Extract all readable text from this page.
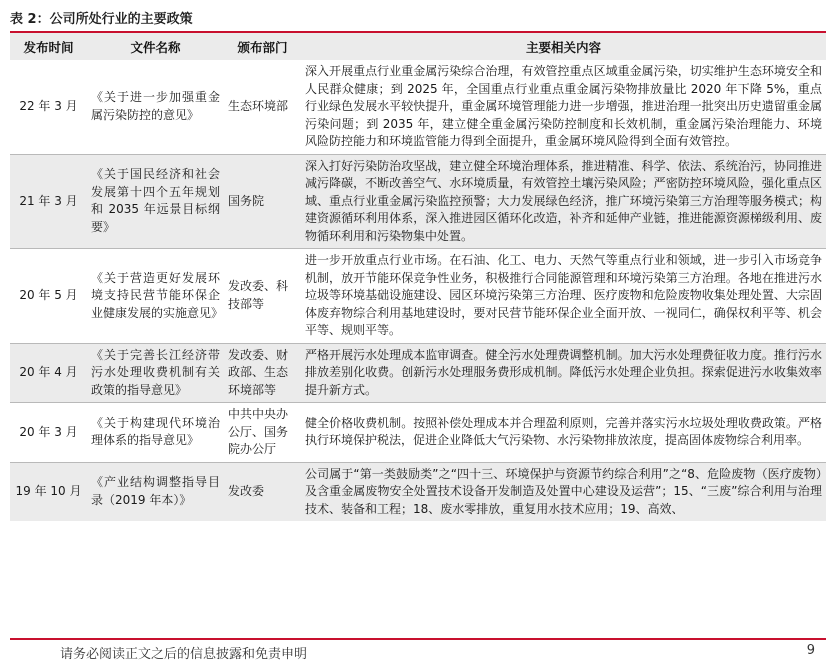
表 2：公司所处行业的主要政策
发布时间	文件名称	颁布部门	主要相关内容
22 年 3 月	《关于进一步加强重金属污染防控的意见》	生态环境部	深入开展重点行业重金属污染综合治理，有效管控重点区域重金属污染，切实维护生态环境安全和人民群众健康；到 2025 年，全国重点行业重点重金属污染物排放量比 2020 年下降 5%，重点行业绿色发展水平较快提升，重金属环境管理能力进一步增强，推进治理一批突出历史遗留重金属污染问题；到 2035 年，建立健全重金属污染防控制度和长效机制，重金属污染治理能力、环境风险防控能力和环境监管能力得到全面提升，重金属环境风险得到全面有效管控。
21 年 3 月	《关于国民经济和社会发展第十四个五年规划和 2035 年远景目标纲要》	国务院	深入打好污染防治攻坚战，建立健全环境治理体系，推进精准、科学、依法、系统治污，协同推进减污降碳，不断改善空气、水环境质量，有效管控土壤污染风险；严密防控环境风险，强化重点区域、重点行业重金属污染监控预警；大力发展绿色经济，推广环境污染第三方治理等服务模式；构建资源循环利用体系，深入推进园区循环化改造，补齐和延伸产业链，推进能源资源梯级利用、废物循环利用和污染物集中处置。
20 年 5 月	《关于营造更好发展环境支持民营节能环保企业健康发展的实施意见》	发改委、科技部等	进一步开放重点行业市场。在石油、化工、电力、天然气等重点行业和领域，进一步引入市场竞争机制，放开节能环保竞争性业务，积极推行合同能源管理和环境污染第三方治理。各地在推进污水垃圾等环境基础设施建设、园区环境污染第三方治理、医疗废物和危险废物收集处理处置、大宗固体废弃物综合利用基地建设时，要对民营节能环保企业全面开放、一视同仁，确保权利平等、机会平等、规则平等。
20 年 4 月	《关于完善长江经济带污水处理收费机制有关政策的指导意见》	发改委、财政部、生态环境部等	严格开展污水处理成本监审调查。健全污水处理费调整机制。加大污水处理费征收力度。推行污水排放差别化收费。创新污水处理服务费形成机制。降低污水处理企业负担。探索促进污水收集效率提升新方式。
20 年 3 月	《关于构建现代环境治理体系的指导意见》	中共中央办公厅、国务院办公厅	健全价格收费机制。按照补偿处理成本并合理盈利原则，完善并落实污水垃圾处理收费政策。严格执行环境保护税法，促进企业降低大气污染物、水污染物排放浓度，提高固体废物综合利用率。
19 年 10 月	《产业结构调整指导目录（2019 年本）》	发改委	公司属于“第一类鼓励类”之“四十三、环境保护与资源节约综合利用”之“8、危险废物（医疗废物）及含重金属废物安全处置技术设备开发制造及处置中心建设及运营”；15、“三废”综合利用与治理技术、装备和工程；18、废水零排放，重复用水技术应用；19、高效、
请务必阅读正文之后的信息披露和免责申明	9
